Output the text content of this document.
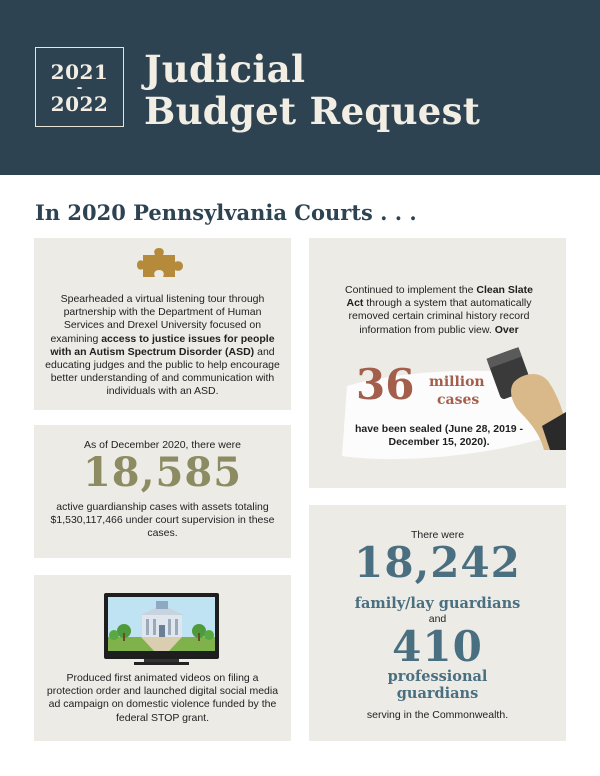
2021
-
2022
Judicial
Budget Request
In 2020 Pennsylvania Courts . . .
Spearheaded a virtual listening tour through partnership with the Department of Human Services and Drexel University focused on examining access to justice issues for people with an Autism Spectrum Disorder (ASD) and educating judges and the public to help encourage better understanding of and communication with individuals with an ASD.
As of December 2020, there were
18,585
active guardianship cases with assets totaling $1,530,117,466 under court supervision in these cases.
Produced first animated videos on filing a protection order and launched digital social media ad campaign on domestic violence funded by the federal STOP grant.
Continued to implement the Clean Slate Act through a system that automatically removed certain criminal history record information from public view. Over
36 million
cases
have been sealed (June 28, 2019 - December 15, 2020).
There were
18,242
family/lay guardians
and
410
professional
guardians
serving in the Commonwealth.
